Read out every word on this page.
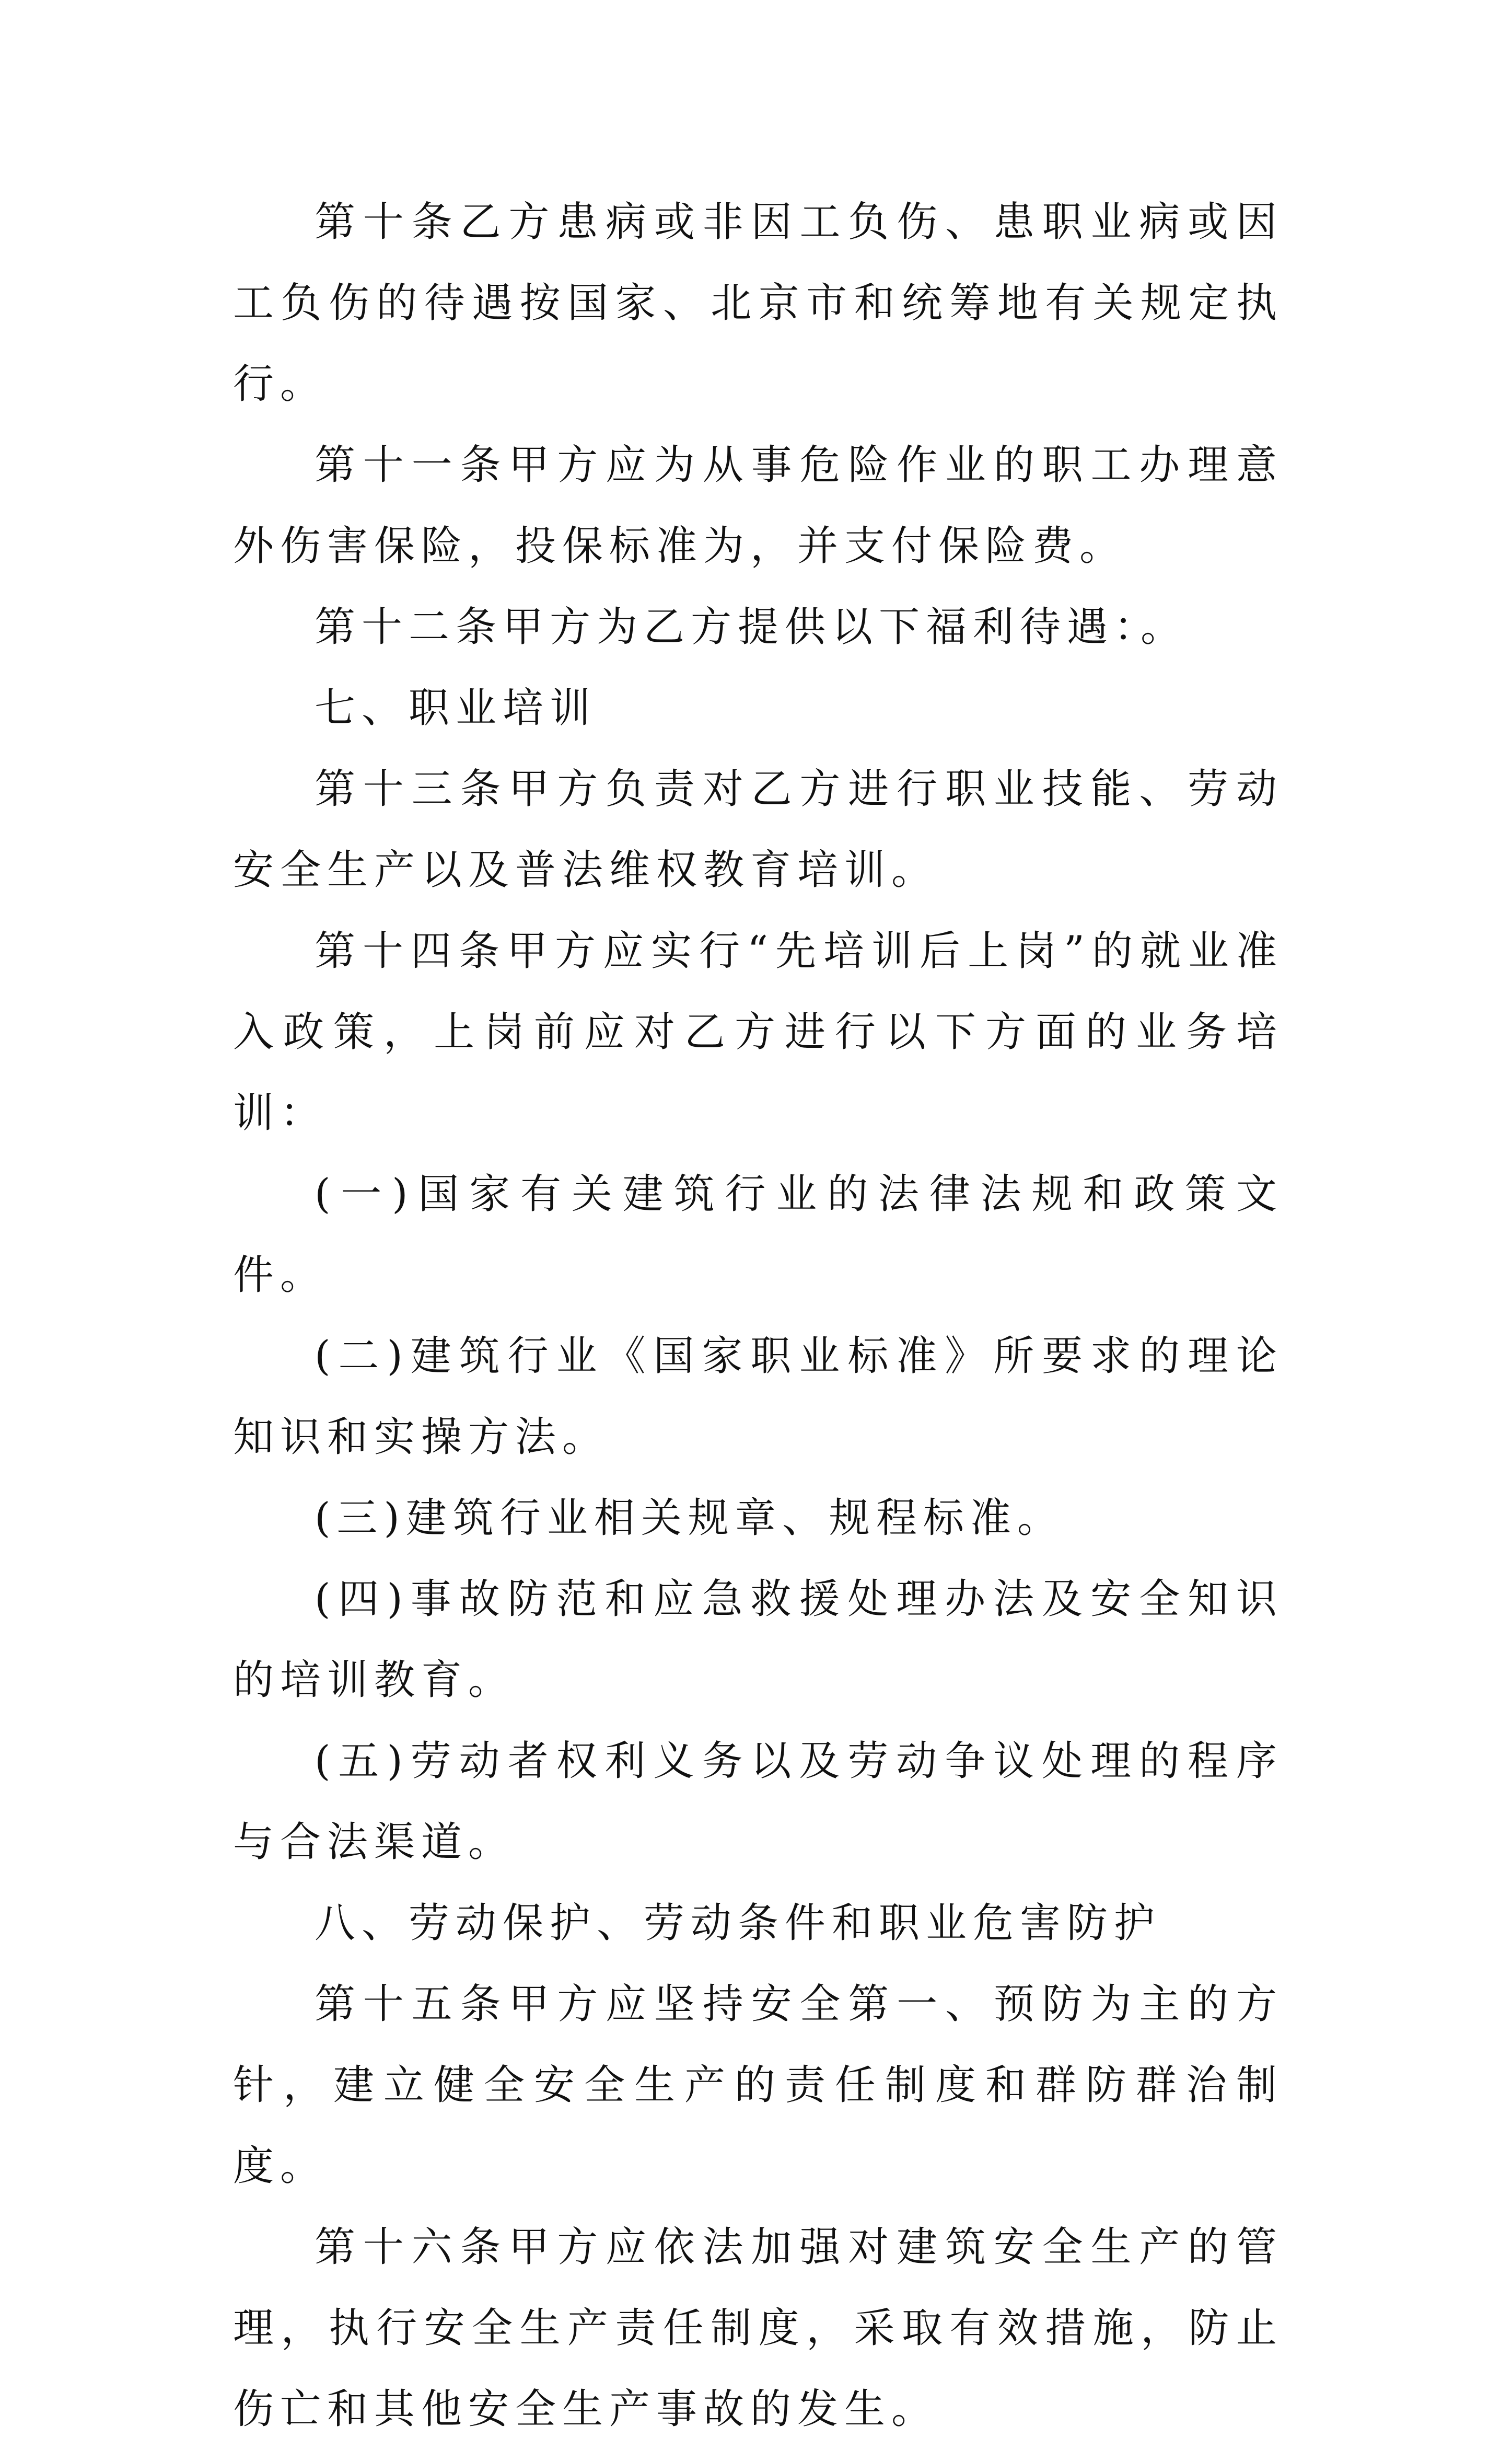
第十条乙方患病或非因工负伤、患职业病或因工负伤的待遇按国家、北京市和统筹地有关规定执行。

第十一条甲方应为从事危险作业的职工办理意外伤害保险，投保标准为，并支付保险费。

第十二条甲方为乙方提供以下福利待遇：。

七、职业培训

第十三条甲方负责对乙方进行职业技能、劳动安全生产以及普法维权教育培训。

第十四条甲方应实行“先培训后上岗”的就业准入政策，上岗前应对乙方进行以下方面的业务培训：

(一)国家有关建筑行业的法律法规和政策文件。

(二)建筑行业《国家职业标准》所要求的理论知识和实操方法。

(三)建筑行业相关规章、规程标准。

(四)事故防范和应急救援处理办法及安全知识的培训教育。

(五)劳动者权利义务以及劳动争议处理的程序与合法渠道。

八、劳动保护、劳动条件和职业危害防护

第十五条甲方应坚持安全第一、预防为主的方针，建立健全安全生产的责任制度和群防群治制度。

第十六条甲方应依法加强对建筑安全生产的管理，执行安全生产责任制度，采取有效措施，防止伤亡和其他安全生产事故的发生。
